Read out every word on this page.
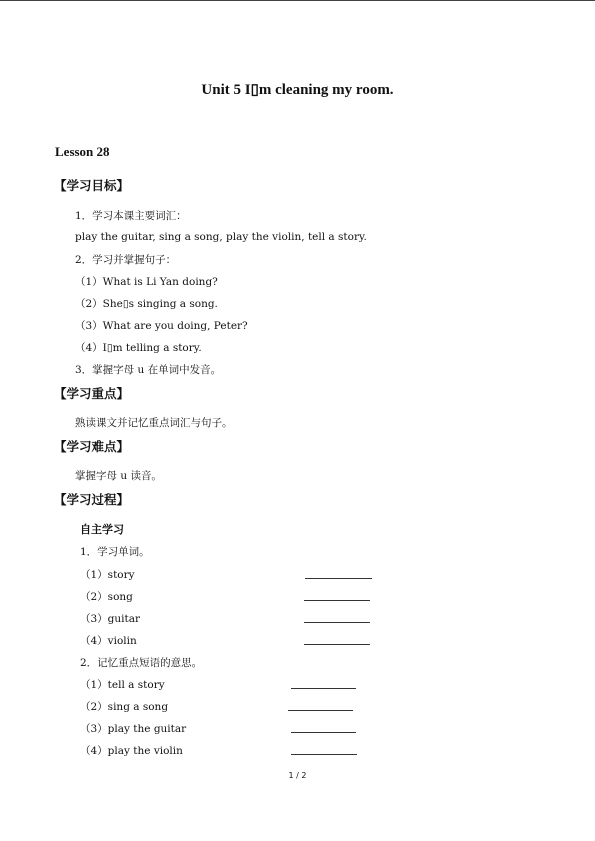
Unit 5 I▯m cleaning my room.
Lesson 28
【学习目标】
1．学习本课主要词汇：
play the guitar, sing a song, play the violin, tell a story.
2．学习并掌握句子：
（1）What is Li Yan doing?
（2）She▯s singing a song.
（3）What are you doing, Peter?
（4）I▯m telling a story.
3．掌握字母 u 在单词中发音。
【学习重点】
熟读课文并记忆重点词汇与句子。
【学习难点】
掌握字母 u 读音。
【学习过程】
自主学习
1．学习单词。
（1）story
（2）song
（3）guitar
（4）violin
2．记忆重点短语的意思。
（1）tell a story
（2）sing a song
（3）play the guitar
（4）play the violin
1 / 2
